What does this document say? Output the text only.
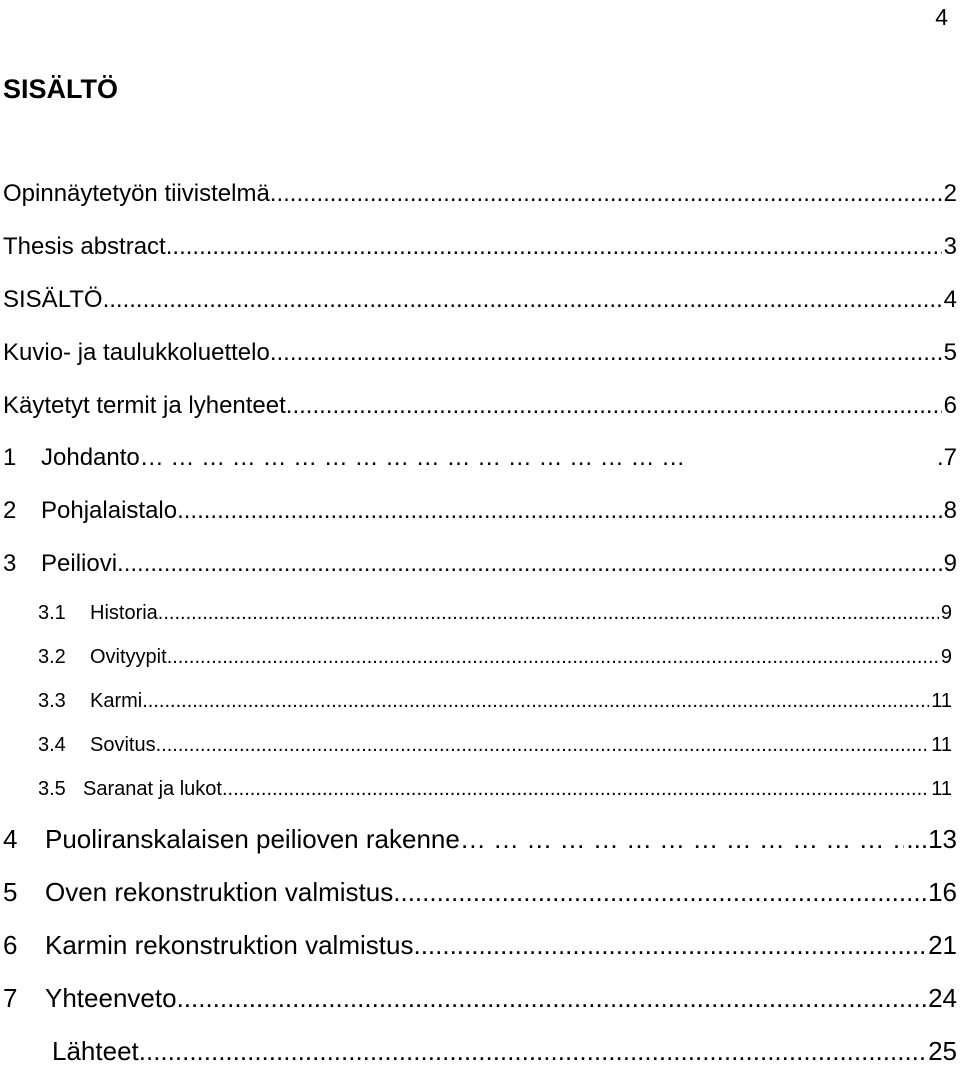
4
SISÄLTÖ
Opinnäytetyön tiivistelmä .....	2
Thesis abstract .....	3
SISÄLTÖ .....	4
Kuvio- ja taulukkoluettelo .....	5
Käytetyt termit ja lyhenteet .....	6
1	Johdanto … … … … … … … … … … … … … … … … … …	.7
2	Pohjalaistalo .....	8
3	Peiliovi .....	9
3.1	Historia .....	9
3.2	Ovityypit .....	9
3.3	Karmi .....	11
3.4	Sovitus .....	11
3.5 Saranat ja lukot .....	11
4	Puoliranskalaisen peilioven rakenne … … … … … … … … … … … … … … … … … …	...13
5	Oven rekonstruktion valmistus .....	16
6	Karmin rekonstruktion valmistus .....	21
7	Yhteenveto .....	24
Lähteet .....	25
